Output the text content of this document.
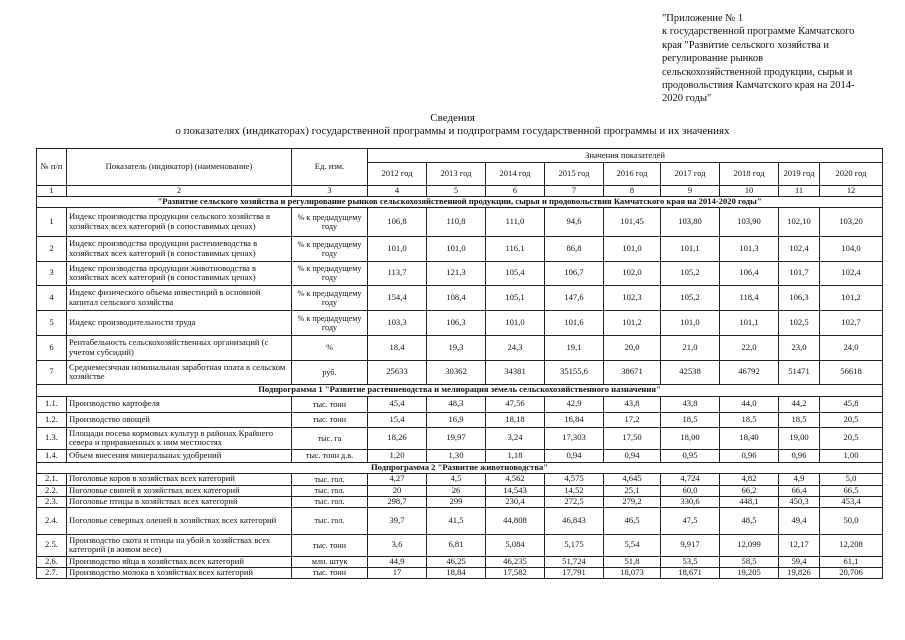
"Приложение № 1
к государственной программе Камчатского
края "Развитие сельского хозяйства и
регулирование рынков
сельскохозяйственной продукции, сырья и
продовольствия Камчатского края на 2014-
2020 годы"
Сведения
о показателях (индикаторах) государственной программы и подпрограмм государственной программы и их значениях
№ п/п	Показатель (индикатор) (наименование)	Ед. изм.	Значения показателей								
			2012 год	2013 год	2014 год	2015 год	2016 год	2017 год	2018 год	2019 год	2020 год
1	2	3	4	5	6	7	8	9	10	11	12
"Развитие сельского хозяйства и регулирование рынков сельскохозяйственной продукции, сырья и продовольствия Камчатского края на 2014-2020 годы"											
1	Индекс производства продукции сельского хозяйства в хозяйствах всех категорий (в сопоставимых ценах)	% к предыдущему году	106,8	110,8	111,0	94,6	101,45	103,80	103,90	102,10	103,20
2	Индекс производства продукции растениеводства в хозяйствах всех категорий (в сопоставимых ценах)	% к предыдущему году	101,0	101,0	116,1	86,8	101,0	101,1	101,3	102,4	104,0
3	Индекс производства продукции животноводства в хозяйствах всех категорий (в сопоставимых ценах)	% к предыдущему году	113,7	121,3	105,4	106,7	102,0	105,2	106,4	101,7	102,4
4	Индекс физического объема инвестиций в основной капитал сельского хозяйства	% к предыдущему году	154,4	108,4	105,1	147,6	102,3	105,2	118,4	106,3	101,2
5	Индекс производительности труда	% к предыдущему году	103,3	106,3	101,0	101,6	101,2	101,0	101,1	102,5	102,7
6	Рентабельность сельскохозяйственных организаций (с учетом субсидий)	%	18,4	19,3	24,3	19,1	20,0	21,0	22,0	23,0	24,0
7	Среднемесячная номинальная заработная плата в сельском хозяйстве	руб.	25633	30362	34381	35155,6	38671	42538	46792	51471	56618
Подпрограмма 1 "Развитие растениеводства и мелиорация земель сельскохозяйственного назначения"											
1.1.	Производство картофеля	тыс. тонн	45,4	48,3	47,56	42,9	43,8	43,8	44,0	44,2	45,8
1.2.	Производство овощей	тыс. тонн	15,4	16,9	18,18	16,84	17,2	18,5	18,5	18,5	20,5
1.3.	Площади посева кормовых культур в районах Крайнего севера и приравненных к ним местностях	тыс. га	18,26	19,97	3,24	17,303	17,50	18,00	18,40	19,00	20,5
1.4.	Объем внесения минеральных удобрений	тыс. тонн д.в.	1,20	1,30	1,18	0,94	0,94	0,95	0,96	0,96	1,00
Подпрограмма 2 "Развитие животноводства"											
2.1.	Поголовье коров в хозяйствах всех категорий	тыс. гол.	4,27	4,5	4,562	4,575	4,645	4,724	4,82	4,9	5,0
2.2.	Поголовье свиней в хозяйствах всех категорий	тыс. гол.	20	26	14,543	14,52	25,1	60,0	66,2	66,4	66,5
2.3.	Поголовье птицы в хозяйствах всех категорий	тыс. гол.	298,7	299	230,4	272,5	279,2	330,6	448,1	450,3	453,4
2.4.	Поголовье северных оленей в хозяйствах всех категорий	тыс. гол.	39,7	41,5	44,808	46,843	46,5	47,5	48,5	49,4	50,0
2.5.	Производство скота и птицы на убой в хозяйствах всех категорий (в живом весе)	тыс. тонн	3,6	6,81	5,084	5,175	5,54	9,917	12,099	12,17	12,208
2.6.	Производство яйца в хозяйствах всех категорий	млн. штук	44,9	46,25	46,235	51,724	51,8	53,5	58,5	59,4	61,1
2.7.	Производство молока в хозяйствах всех категорий	тыс. тонн	17	18,84	17,582	17,791	18,073	18,671	19,205	19,826	20,706
